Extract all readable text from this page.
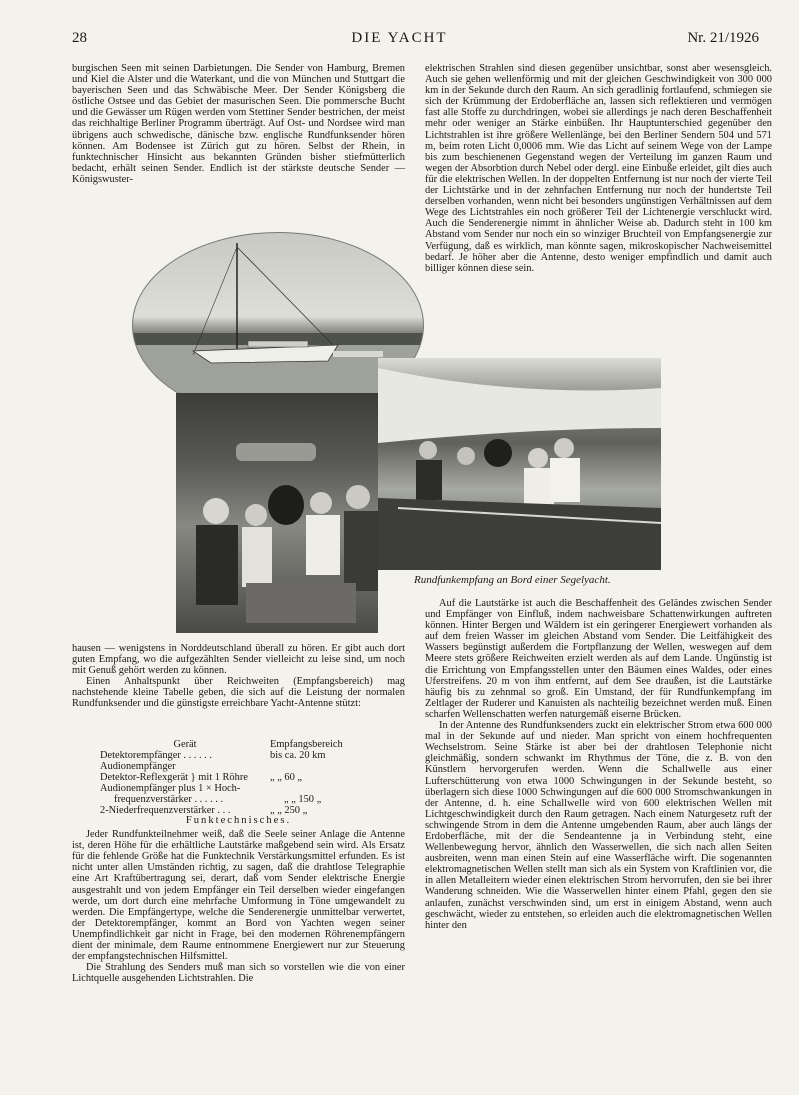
28	DIE YACHT	Nr. 21/1926

burgischen Seen mit seinen Darbietungen. Die Sender von Hamburg, Bremen und Kiel die Alster und die Waterkant, und die von München und Stuttgart die bayerischen Seen und das Schwäbische Meer. Der Sender Königsberg die östliche Ostsee und das Gebiet der masurischen Seen. Die pommersche Bucht und die Gewässer um Rügen werden vom Stettiner Sender bestrichen, der meist das reichhaltige Berliner Programm überträgt. Auf Ost- und Nordsee wird man übrigens auch schwedische, dänische bzw. englische Rundfunksender hören können. Am Bodensee ist Zürich gut zu hören. Selbst der Rhein, in funktechnischer Hinsicht aus bekannten Gründen bisher stiefmütterlich bedacht, erhält seinen Sender. Endlich ist der stärkste deutsche Sender — Königswuster-

elektrischen Strahlen sind diesen gegenüber unsichtbar, sonst aber wesensgleich. Auch sie gehen wellenförmig und mit der gleichen Geschwindigkeit von 300 000 km in der Sekunde durch den Raum. An sich geradlinig fortlaufend, schmiegen sie sich der Krümmung der Erdoberfläche an, lassen sich reflektieren und vermögen fast alle Stoffe zu durchdringen, wobei sie allerdings je nach deren Beschaffenheit mehr oder weniger an Stärke einbüßen. Ihr Hauptunterschied gegenüber den Lichtstrahlen ist ihre größere Wellenlänge, bei den Berliner Sendern 504 und 571 m, beim roten Licht 0,0006 mm. Wie das Licht auf seinem Wege von der Lampe bis zum beschienenen Gegenstand wegen der Verteilung im ganzen Raum und wegen der Absorbtion durch Nebel oder dergl. eine Einbuße erleidet, gilt dies auch für die elektrischen Wellen. In der doppelten Entfernung ist nur noch der vierte Teil der Lichtstärke und in der zehnfachen Entfernung nur noch der hundertste Teil derselben vorhanden, wenn nicht bei besonders ungünstigen Verhältnissen auf dem Wege des Lichtstrahles ein noch größerer Teil der Lichtenergie verschluckt wird. Auch die Senderenergie nimmt in ähnlicher Weise ab. Dadurch steht in 100 km Abstand vom Sender nur noch ein so winziger Bruchteil von Empfangsenergie zur Verfügung, daß es wirklich, man könnte sagen, mikroskopischer Nachweisemittel bedarf. Je höher aber die Antenne, desto weniger empfindlich und damit auch billiger können diese sein.

Rundfunkempfang an Bord einer Segelyacht.

hausen — wenigstens in Norddeutschland überall zu hören. Er gibt auch dort guten Empfang, wo die aufgezählten Sender vielleicht zu leise sind, um noch mit Genuß gehört werden zu können.

Einen Anhaltspunkt über Reichweiten (Empfangsbereich) mag nachstehende kleine Tabelle geben, die sich auf die Leistung der normalen Rundfunksender und die günstigste erreichbare Yacht-Antenne stützt:

Gerät	Empfangsbereich
Detektorempfänger . . . . . .	bis ca. 20 km
Audionempfänger
Detektor-Reflexgerät } mit 1 Röhre	„ „ 60 „
Audionempfänger plus 1 × Hoch-
frequenzverstärker . . . . . .	„ „ 150 „
2-Niederfrequenzverstärker . . .	„ „ 250 „
Funktechnisches.

Jeder Rundfunkteilnehmer weiß, daß die Seele seiner Anlage die Antenne ist, deren Höhe für die erhältliche Lautstärke maßgebend sein wird. Als Ersatz für die fehlende Größe hat die Funktechnik Verstärkungsmittel erfunden. Es ist nicht unter allen Umständen richtig, zu sagen, daß die drahtlose Telegraphie eine Art Kraftübertragung sei, derart, daß vom Sender elektrische Energie ausgestrahlt und von jedem Empfänger ein Teil derselben wieder eingefangen werde, um dort durch eine mehrfache Umformung in Töne umgewandelt zu werden. Die Empfängertype, welche die Senderenergie unmittelbar verwertet, der Detektorempfänger, kommt an Bord von Yachten wegen seiner Unempfindlichkeit gar nicht in Frage, bei den modernen Röhrenempfängern dient der minimale, dem Raume entnommene Energiewert nur zur Steuerung der empfangstechnischen Hilfsmittel.

Die Strahlung des Senders muß man sich so vorstellen wie die von einer Lichtquelle ausgehenden Lichtstrahlen. Die

Auf die Lautstärke ist auch die Beschaffenheit des Geländes zwischen Sender und Empfänger von Einfluß, indem nachweisbare Schattenwirkungen auftreten können. Hinter Bergen und Wäldern ist ein geringerer Energiewert vorhanden als auf dem freien Wasser im gleichen Abstand vom Sender. Die Leitfähigkeit des Wassers begünstigt außerdem die Fortpflanzung der Wellen, weswegen auf dem Meere stets größere Reichweiten erzielt werden als auf dem Lande. Ungünstig ist die Errichtung von Empfangsstellen unter den Bäumen eines Waldes, oder eines Uferstreifens. 20 m von ihm entfernt, auf dem See draußen, ist die Lautstärke häufig bis zu zehnmal so groß. Ein Umstand, der für Rundfunkempfang im Zeltlager der Ruderer und Kanuisten als nachteilig bezeichnet werden muß. Einen scharfen Wellenschatten werfen naturgemäß eiserne Brücken.

In der Antenne des Rundfunksenders zuckt ein elektrischer Strom etwa 600 000 mal in der Sekunde auf und nieder. Man spricht von einem hochfrequenten Wechselstrom. Seine Stärke ist aber bei der drahtlosen Telephonie nicht gleichmäßig, sondern schwankt im Rhythmus der Töne, die z. B. von den Künstlern hervorgerufen werden. Wenn die Schallwelle aus einer Lufterschütterung von etwa 1000 Schwingungen in der Sekunde besteht, so überlagern sich diese 1000 Schwingungen auf die 600 000 Stromschwankungen in der Antenne, d. h. eine Schallwelle wird von 600 elektrischen Wellen mit Lichtgeschwindigkeit durch den Raum getragen. Nach einem Naturgesetz ruft der schwingende Strom in dem die Antenne umgebenden Raum, aber auch längs der Erdoberfläche, mit der die Sendeantenne ja in Verbindung steht, eine Wellenbewegung hervor, ähnlich den Wasserwellen, die sich nach allen Seiten ausbreiten, wenn man einen Stein auf eine Wasserfläche wirft. Die sogenannten elektromagnetischen Wellen stellt man sich als ein System von Kraftlinien vor, die in allen Metalleitern wieder einen elektrischen Strom hervorrufen, den sie bei ihrer Wanderung schneiden. Wie die Wasserwellen hinter einem Pfahl, gegen den sie anlaufen, zunächst verschwinden sind, um erst in einigem Abstand, wenn auch geschwächt, wieder zu entstehen, so erleiden auch die elektromagnetischen Wellen hinter den
